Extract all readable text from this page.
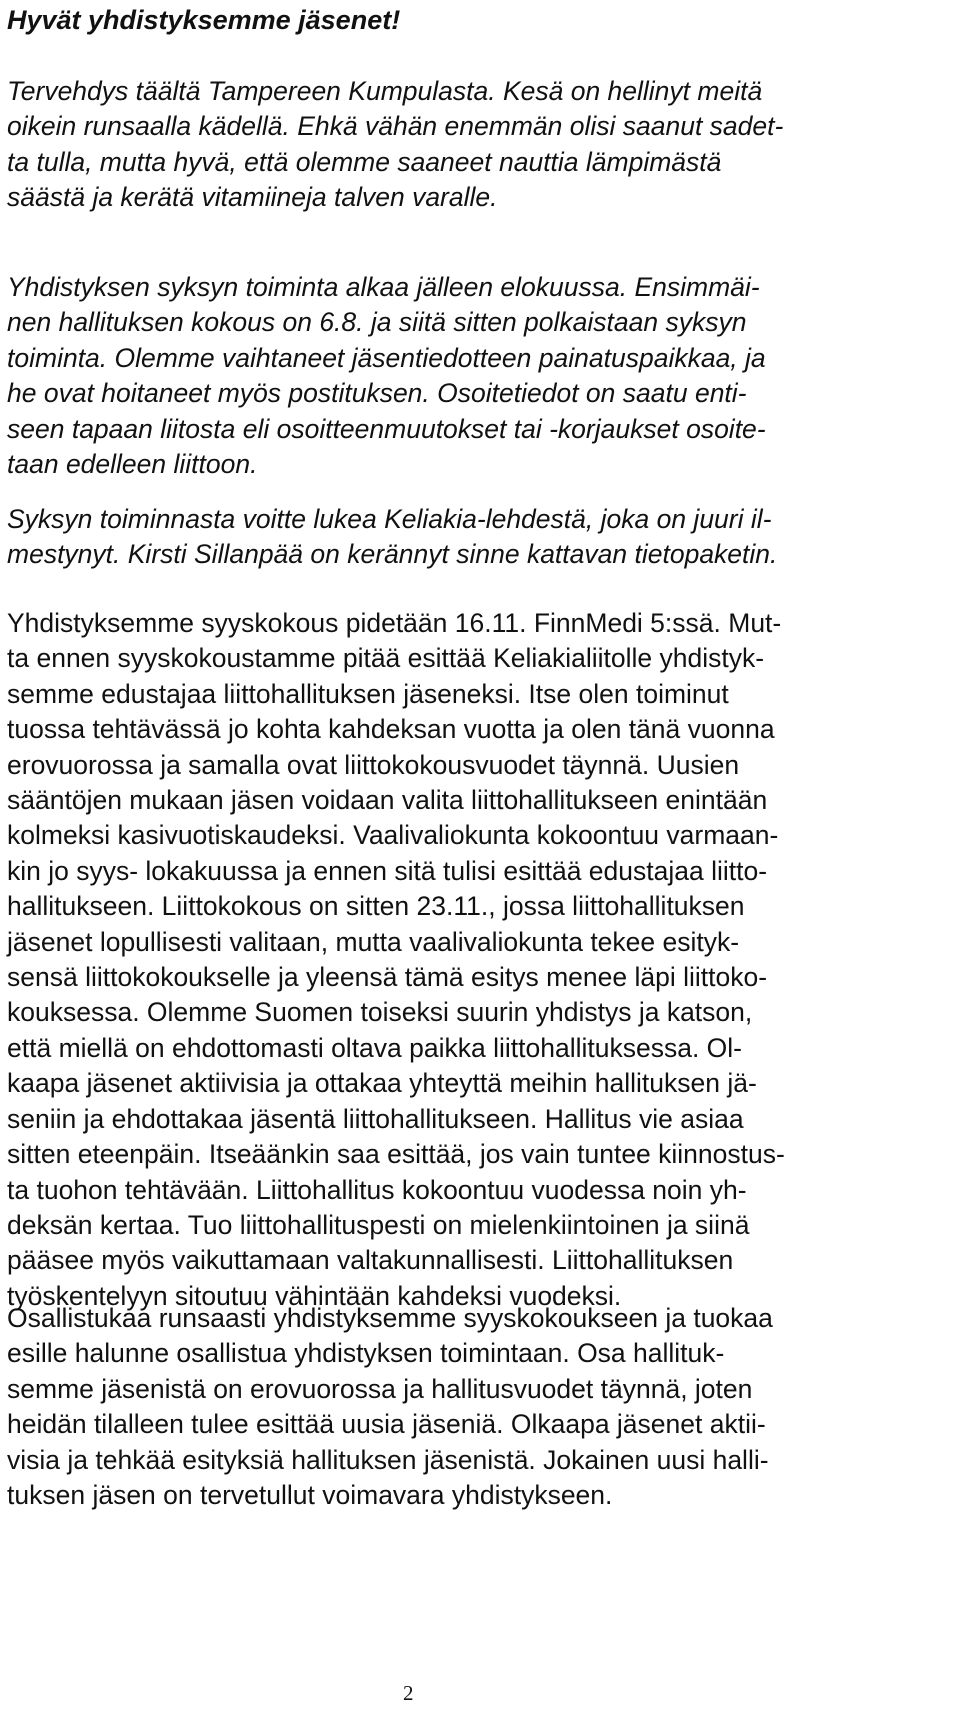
Hyvät yhdistyksemme jäsenet!

Tervehdys täältä Tampereen Kumpulasta. Kesä on hellinyt meitä
oikein runsaalla kädellä. Ehkä vähän enemmän olisi saanut sadet-
ta tulla, mutta hyvä, että olemme saaneet nauttia lämpimästä
säästä ja kerätä vitamiineja talven varalle.

Yhdistyksen syksyn toiminta alkaa jälleen elokuussa. Ensimmäi-
nen hallituksen kokous on 6.8. ja siitä sitten polkaistaan syksyn
toiminta. Olemme vaihtaneet jäsentiedotteen painatuspaikkaa, ja
he ovat hoitaneet myös postituksen. Osoitetiedot on saatu enti-
seen tapaan liitosta eli osoitteenmuutokset tai -korjaukset osoite-
taan edelleen liittoon.

Syksyn toiminnasta voitte lukea Keliakia-lehdestä, joka on juuri il-
mestynyt. Kirsti Sillanpää on kerännyt sinne kattavan tietopaketin.

Yhdistyksemme syyskokous pidetään 16.11. FinnMedi 5:ssä. Mut-
ta ennen syyskokoustamme pitää esittää Keliakialiitolle yhdistyk-
semme edustajaa liittohallituksen jäseneksi. Itse olen toiminut
tuossa tehtävässä jo kohta kahdeksan vuotta ja olen tänä vuonna
erovuorossa ja samalla ovat liittokokousvuodet täynnä. Uusien
sääntöjen mukaan jäsen voidaan valita liittohallitukseen enintään
kolmeksi kasivuotiskaudeksi. Vaalivaliokunta kokoontuu varmaan-
kin jo syys- lokakuussa ja ennen sitä tulisi esittää edustajaa liitto-
hallitukseen. Liittokokous on sitten 23.11., jossa liittohallituksen
jäsenet lopullisesti valitaan, mutta vaalivaliokunta tekee esityk-
sensä liittokokoukselle ja yleensä tämä esitys menee läpi liittoko-
kouksessa. Olemme Suomen toiseksi suurin yhdistys ja katson,
että miellä on ehdottomasti oltava paikka liittohallituksessa. Ol-
kaapa jäsenet aktiivisia ja ottakaa yhteyttä meihin hallituksen jä-
seniin ja ehdottakaa jäsentä liittohallitukseen. Hallitus vie asiaa
sitten eteenpäin. Itseäänkin saa esittää, jos vain tuntee kiinnostus-
ta tuohon tehtävään. Liittohallitus kokoontuu vuodessa noin yh-
deksän kertaa. Tuo liittohallituspesti on mielenkiintoinen ja siinä
pääsee myös vaikuttamaan valtakunnallisesti. Liittohallituksen
työskentelyyn sitoutuu vähintään kahdeksi vuodeksi.

Osallistukaa runsaasti yhdistyksemme syyskokoukseen ja tuokaa
esille halunne osallistua yhdistyksen toimintaan. Osa hallituk-
semme jäsenistä on erovuorossa ja hallitusvuodet täynnä, joten
heidän tilalleen tulee esittää uusia jäseniä. Olkaapa jäsenet aktii-
visia ja tehkää esityksiä hallituksen jäsenistä. Jokainen uusi halli-
tuksen jäsen on tervetullut voimavara yhdistykseen.

2
